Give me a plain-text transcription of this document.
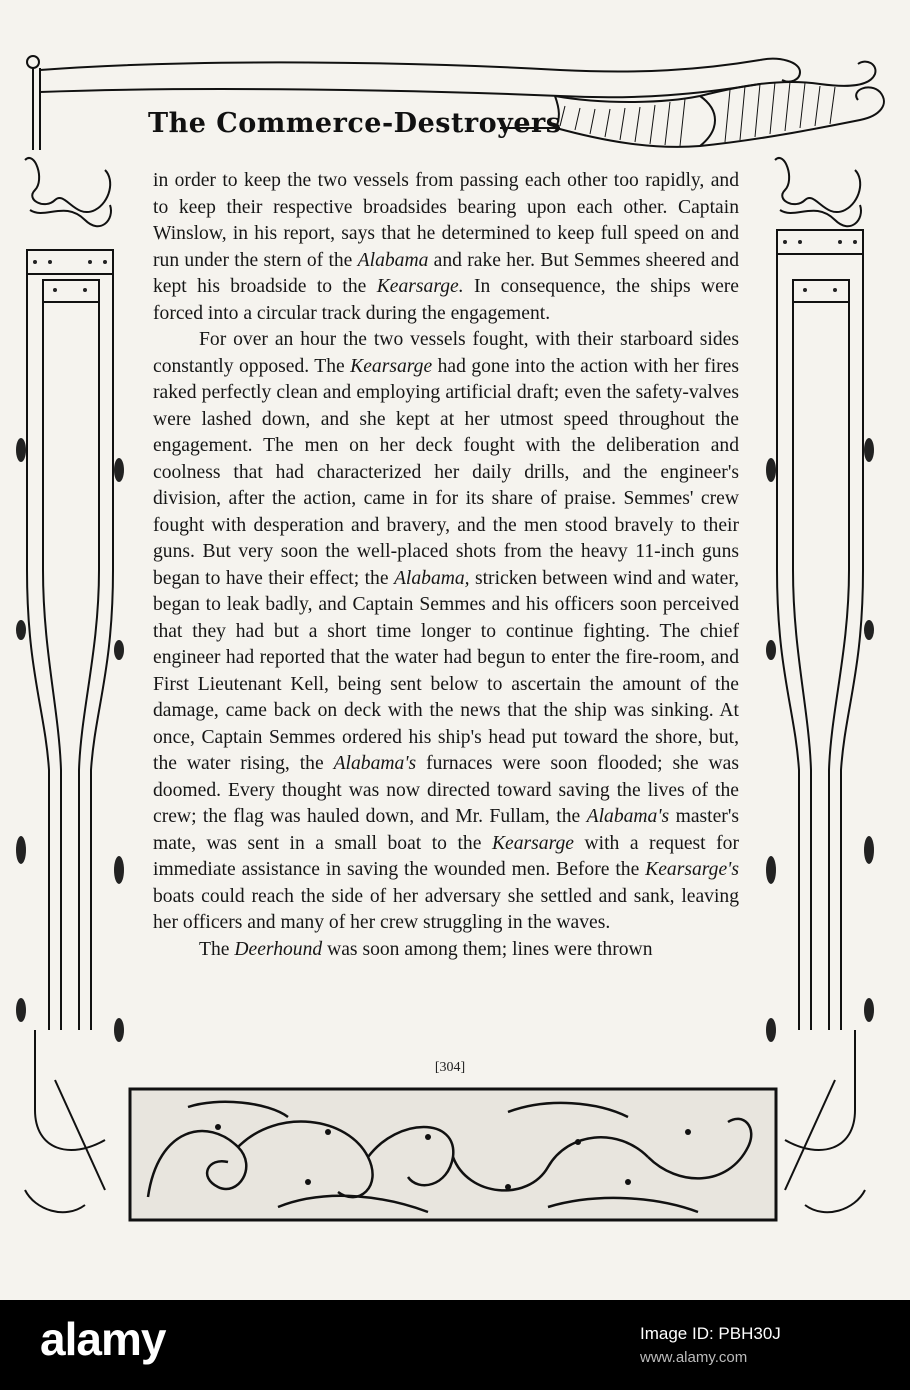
The Commerce-Destroyers

in order to keep the two vessels from passing each other too rapidly, and to keep their respective broadsides bearing upon each other. Captain Winslow, in his report, says that he determined to keep full speed on and run under the stern of the Alabama and rake her. But Semmes sheered and kept his broadside to the Kearsarge. In consequence, the ships were forced into a circular track during the engagement.

For over an hour the two vessels fought, with their starboard sides constantly opposed. The Kearsarge had gone into the action with her fires raked perfectly clean and employing artificial draft; even the safety-valves were lashed down, and she kept at her utmost speed throughout the engagement. The men on her deck fought with the deliberation and coolness that had characterized her daily drills, and the engineer's division, after the action, came in for its share of praise. Semmes' crew fought with desperation and bravery, and the men stood bravely to their guns. But very soon the well-placed shots from the heavy 11-inch guns began to have their effect; the Alabama, stricken between wind and water, began to leak badly, and Captain Semmes and his officers soon perceived that they had but a short time longer to continue fighting. The chief engineer had reported that the water had begun to enter the fire-room, and First Lieutenant Kell, being sent below to ascertain the amount of the damage, came back on deck with the news that the ship was sinking. At once, Captain Semmes ordered his ship's head put toward the shore, but, the water rising, the Alabama's furnaces were soon flooded; she was doomed. Every thought was now directed toward saving the lives of the crew; the flag was hauled down, and Mr. Fullam, the Alabama's master's mate, was sent in a small boat to the Kearsarge with a request for immediate assistance in saving the wounded men. Before the Kearsarge's boats could reach the side of her adversary she settled and sank, leaving her officers and many of her crew struggling in the waves.

The Deerhound was soon among them; lines were thrown

[304]
alamy	Image ID: PBH30J
www.alamy.com
